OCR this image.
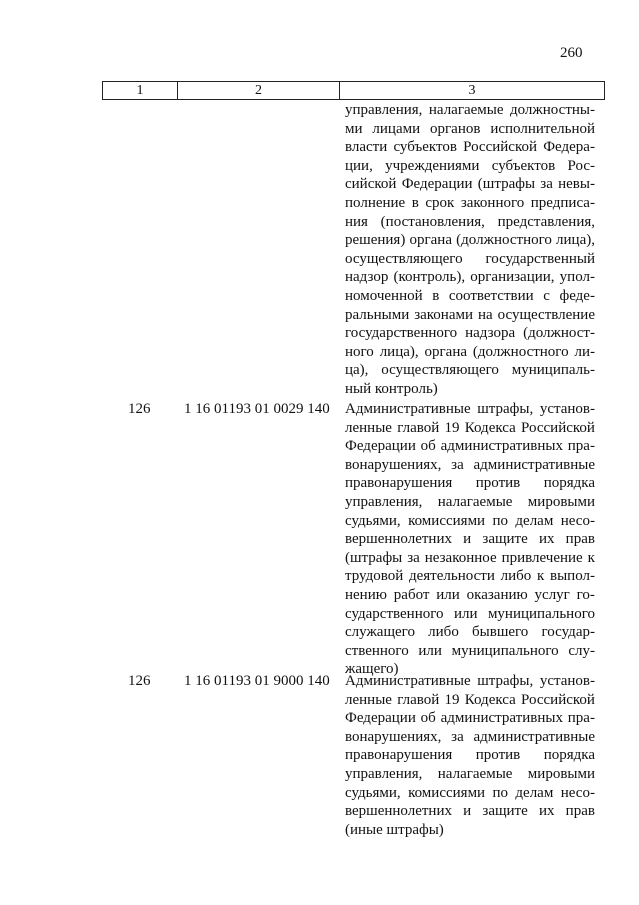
260
1	2	3
управления, налагаемые должностны-
ми лицами органов исполнительной
власти субъектов Российской Федера-
ции, учреждениями субъектов Рос-
сийской Федерации (штрафы за невы-
полнение в срок законного предписа-
ния (постановления, представления,
решения) органа (должностного лица),
осуществляющего государственный
надзор (контроль), организации, упол-
номоченной в соответствии с феде-
ральными законами на осуществление
государственного надзора (должност-
ного лица), органа (должностного ли-
ца), осуществляющего муниципаль-
ный контроль)
126 1 16 01193 01 0029 140 Административные штрафы, установ-
ленные главой 19 Кодекса Российской
Федерации об административных пра-
вонарушениях, за административные
правонарушения против порядка
управления, налагаемые мировыми
судьями, комиссиями по делам несо-
вершеннолетних и защите их прав
(штрафы за незаконное привлечение к
трудовой деятельности либо к выпол-
нению работ или оказанию услуг го-
сударственного или муниципального
служащего либо бывшего государ-
ственного или муниципального слу-
жащего)
126 1 16 01193 01 9000 140 Административные штрафы, установ-
ленные главой 19 Кодекса Российской
Федерации об административных пра-
вонарушениях, за административные
правонарушения против порядка
управления, налагаемые мировыми
судьями, комиссиями по делам несо-
вершеннолетних и защите их прав
(иные штрафы)
